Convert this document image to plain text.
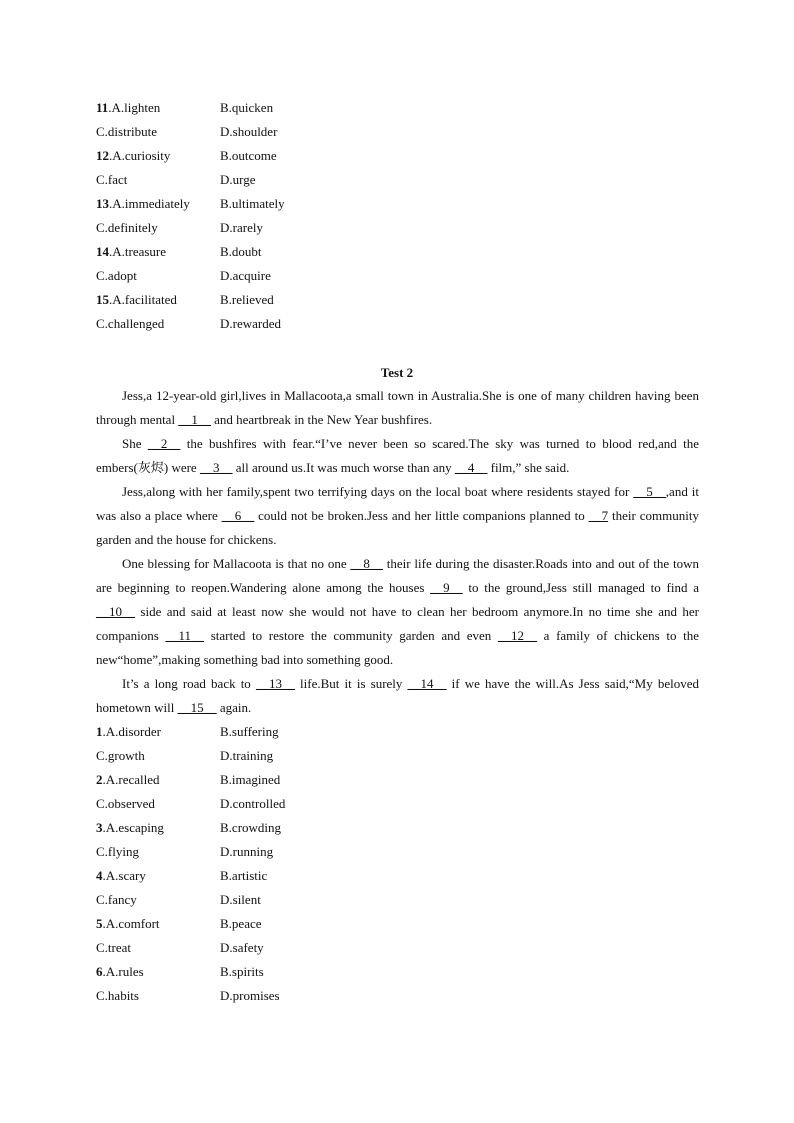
11.A.lighten	B.quicken
C.distribute	D.shoulder
12.A.curiosity	B.outcome
C.fact	D.urge
13.A.immediately B.ultimately
C.definitely	D.rarely
14.A.treasure	B.doubt
C.adopt	D.acquire
15.A.facilitated	B.relieved
C.challenged	D.rewarded
Test 2

Jess,a 12-year-old girl,lives in Mallacoota,a small town in Australia.She is one of many children having been through mental __1__ and heartbreak in the New Year bushfires.

She __2__ the bushfires with fear.“I’ve never been so scared.The sky was turned to blood red,and the embers(灰烬) were __3__ all around us.It was much worse than any __4__ film,” she said.

Jess,along with her family,spent two terrifying days on the local boat where residents stayed for __5__,and it was also a place where __6__ could not be broken.Jess and her little companions planned to __7 their community garden and the house for chickens.

One blessing for Mallacoota is that no one __8__ their life during the disaster.Roads into and out of the town are beginning to reopen.Wandering alone among the houses __9__ to the ground,Jess still managed to find a __10__ side and said at least now she would not have to clean her bedroom anymore.In no time she and her companions __11__ started to restore the community garden and even __12__ a family of chickens to the new“home”,making something bad into something good.

It’s a long road back to __13__ life.But it is surely __14__ if we have the will.As Jess said,“My beloved hometown will __15__ again.

1.A.disorder	B.suffering
C.growth	D.training
2.A.recalled	B.imagined
C.observed	D.controlled
3.A.escaping	B.crowding
C.flying	D.running
4.A.scary	B.artistic
C.fancy	D.silent
5.A.comfort	B.peace
C.treat	D.safety
6.A.rules	B.spirits
C.habits	D.promises
